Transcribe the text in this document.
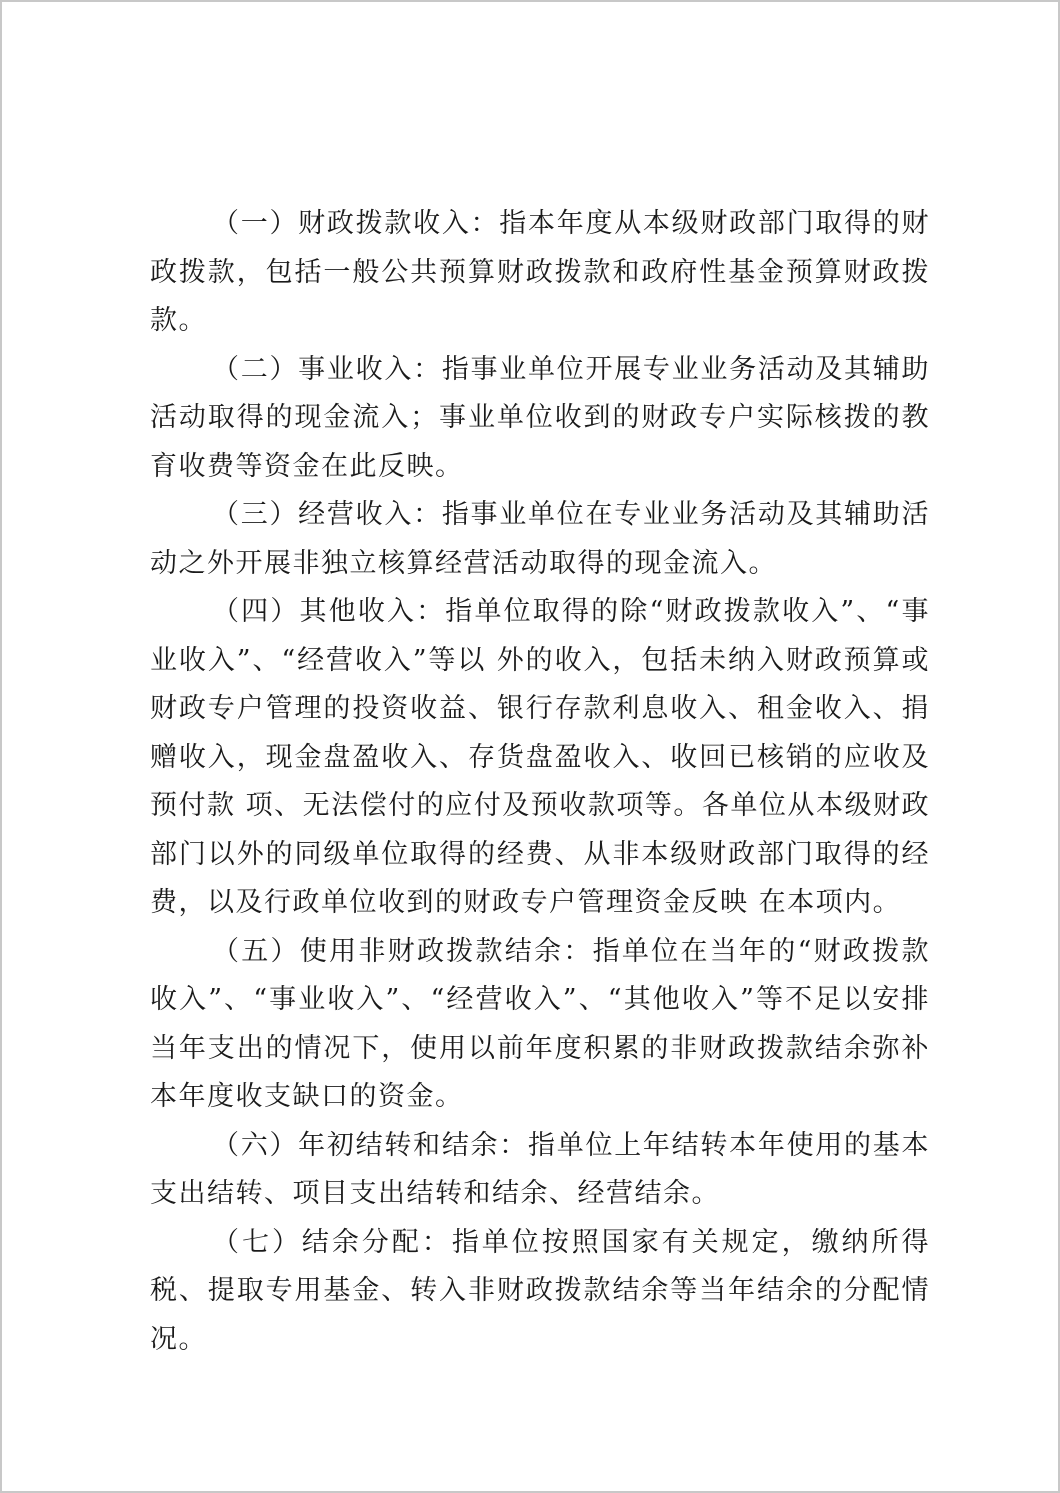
（一）财政拨款收入：指本年度从本级财政部门取得的财政拨款，包括一般公共预算财政拨款和政府性基金预算财政拨款。

（二）事业收入：指事业单位开展专业业务活动及其辅助活动取得的现金流入；事业单位收到的财政专户实际核拨的教育收费等资金在此反映。

（三）经营收入：指事业单位在专业业务活动及其辅助活动之外开展非独立核算经营活动取得的现金流入。

（四）其他收入：指单位取得的除“财政拨款收入”、“事业收入”、“经营收入”等以 外的收入，包括未纳入财政预算或财政专户管理的投资收益、银行存款利息收入、租金收入、捐赠收入，现金盘盈收入、存货盘盈收入、收回已核销的应收及预付款 项、无法偿付的应付及预收款项等。各单位从本级财政部门以外的同级单位取得的经费、从非本级财政部门取得的经费，以及行政单位收到的财政专户管理资金反映 在本项内。

（五）使用非财政拨款结余：指单位在当年的“财政拨款收入”、“事业收入”、“经营收入”、“其他收入”等不足以安排当年支出的情况下，使用以前年度积累的非财政拨款结余弥补本年度收支缺口的资金。

（六）年初结转和结余：指单位上年结转本年使用的基本支出结转、项目支出结转和结余、经营结余。

（七）结余分配：指单位按照国家有关规定，缴纳所得税、提取专用基金、转入非财政拨款结余等当年结余的分配情况。
